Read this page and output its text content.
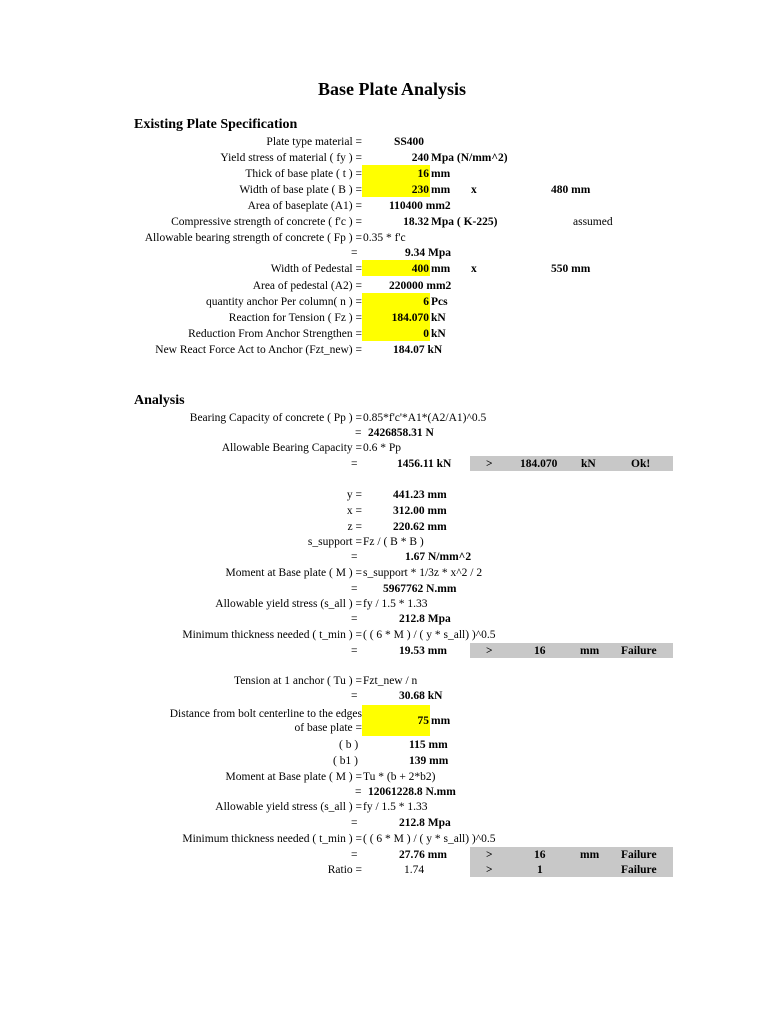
Base Plate Analysis
Existing Plate Specification
Plate type material =	SS400
Yield stress of material ( fy ) =	240 Mpa (N/mm^2)
Thick of base plate ( t ) =	16 mm
Width of base plate ( B ) =	230 mm x	480 mm
Area of baseplate (A1) = 110400 mm2
Compressive strength of concrete ( f'c ) =	18.32 Mpa ( K-225)	assumed
Allowable bearing strength of concrete ( Fp ) = 0.35 * f'c
=	9.34 Mpa
Width of Pedestal =	400 mm x	550 mm
Area of pedestal (A2) = 220000 mm2
quantity anchor Per column( n ) =	6 Pcs
Reaction for Tension ( Fz ) =	184.070 kN
Reduction From Anchor Strengthen =	0 kN
New React Force Act to Anchor (Fzt_new) =	184.07 kN
Analysis
Bearing Capacity of concrete ( Pp ) = 0.85*f'c'*A1*(A2/A1)^0.5
= 2426858.31 N
Allowable Bearing Capacity = 0.6 * Pp
=	1456.11 kN	> 184.070 kN	Ok!
y =	441.23 mm
x =	312.00 mm
z =	220.62 mm
s_support = Fz / ( B * B )
=	1.67 N/mm^2
Moment at Base plate ( M ) = s_support * 1/3z * x^2 / 2
= 5967762 N.mm
Allowable yield stress (s_all ) = fy / 1.5 * 1.33
=	212.8 Mpa
Minimum thickness needed ( t_min ) = ( ( 6 * M ) / ( y * s_all) )^0.5
=	19.53 mm	>	16	mm Failure
Tension at 1 anchor ( Tu ) = Fzt_new / n
=	30.68 kN
Distance from bolt centerline to the edges
of base plate =
75 mm
( b )	115 mm
( b1 )	139 mm
Moment at Base plate ( M ) = Tu * (b + 2*b2)
= 12061228.8 N.mm
Allowable yield stress (s_all ) = fy / 1.5 * 1.33
=	212.8 Mpa
Minimum thickness needed ( t_min ) = ( ( 6 * M ) / ( y * s_all) )^0.5
=	27.76 mm	>	16	mm Failure
Ratio =	1.74	>	1	Failure
